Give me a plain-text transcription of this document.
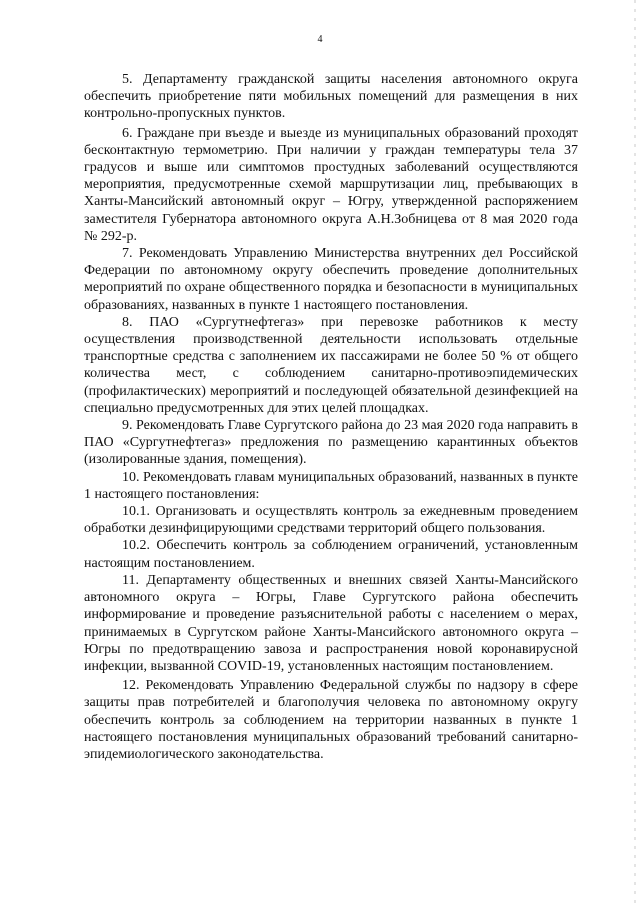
4

5. Департаменту гражданской защиты населения автономного округа обеспечить приобретение пяти мобильных помещений для размещения в них контрольно-пропускных пунктов.

6. Граждане при въезде и выезде из муниципальных образований проходят бесконтактную термометрию. При наличии у граждан температуры тела 37 градусов и выше или симптомов простудных заболеваний осуществляются мероприятия, предусмотренные схемой маршрутизации лиц, пребывающих в Ханты-Мансийский автономный округ – Югру, утвержденной распоряжением заместителя Губернатора автономного округа А.Н.Зобницева от 8 мая 2020 года № 292-р.

7. Рекомендовать Управлению Министерства внутренних дел Российской Федерации по автономному округу обеспечить проведение дополнительных мероприятий по охране общественного порядка и безопасности в муниципальных образованиях, названных в пункте 1 настоящего постановления.

8. ПАО «Сургутнефтегаз» при перевозке работников к месту осуществления производственной деятельности использовать отдельные транспортные средства с заполнением их пассажирами не более 50 % от общего количества мест, с соблюдением санитарно-противоэпидемических (профилактических) мероприятий и последующей обязательной дезинфекцией на специально предусмотренных для этих целей площадках.

9. Рекомендовать Главе Сургутского района до 23 мая 2020 года направить в ПАО «Сургутнефтегаз» предложения по размещению карантинных объектов (изолированные здания, помещения).

10. Рекомендовать главам муниципальных образований, названных в пункте 1 настоящего постановления:

10.1. Организовать и осуществлять контроль за ежедневным проведением обработки дезинфицирующими средствами территорий общего пользования.

10.2. Обеспечить контроль за соблюдением ограничений, установленным настоящим постановлением.

11. Департаменту общественных и внешних связей Ханты-Мансийского автономного округа – Югры, Главе Сургутского района обеспечить информирование и проведение разъяснительной работы с населением о мерах, принимаемых в Сургутском районе Ханты-Мансийского автономного округа – Югры по предотвращению завоза и распространения новой коронавирусной инфекции, вызванной COVID-19, установленных настоящим постановлением.

12. Рекомендовать Управлению Федеральной службы по надзору в сфере защиты прав потребителей и благополучия человека по автономному округу обеспечить контроль за соблюдением на территории названных в пункте 1 настоящего постановления муниципальных образований требований санитарно-эпидемиологического законодательства.
